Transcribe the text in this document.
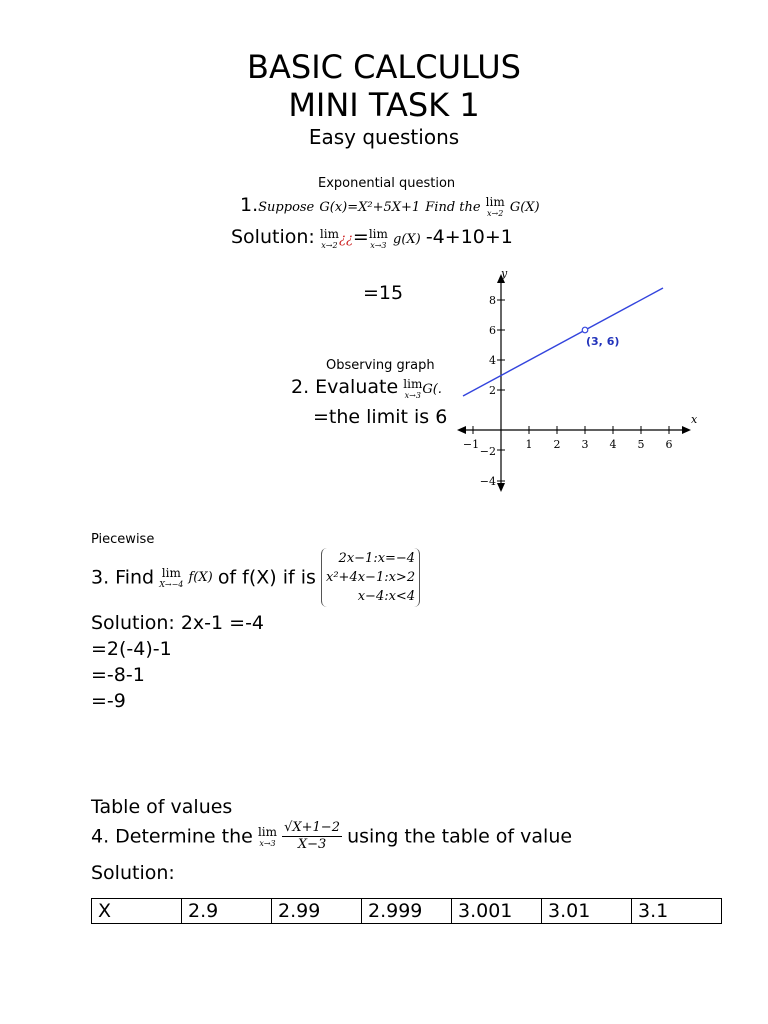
BASIC CALCULUS
MINI TASK 1
Easy questions
Exponential question
1.Suppose G(x)=X²+5X+1 Find the lim
x→2 G(X)
Solution: lim
x→2 ¿¿= lim
x→3 g(X) -4+10+1
=15
Observing graph
2. Evaluate lim
x→3 G(.
=the limit is 6	x
y
−1	1 2 3 4 5 6
8
6
4
2
−2
−4
(3, 6)
Piecewise
3. Find lim
X→−4 f(X) of f(X) if is
2x−1:x=−4
x²+4x−1:x>2
x−4:x<4
Solution: 2x-1 =-4
=2(-4)-1
=-8-1
=-9
Table of values
4. Determine the lim
x→3
$\frac{√X+1-2}{X-3}$ using the table of value
Solution:
X	2.9	2.99	2.999	3.001	3.01	3.1
